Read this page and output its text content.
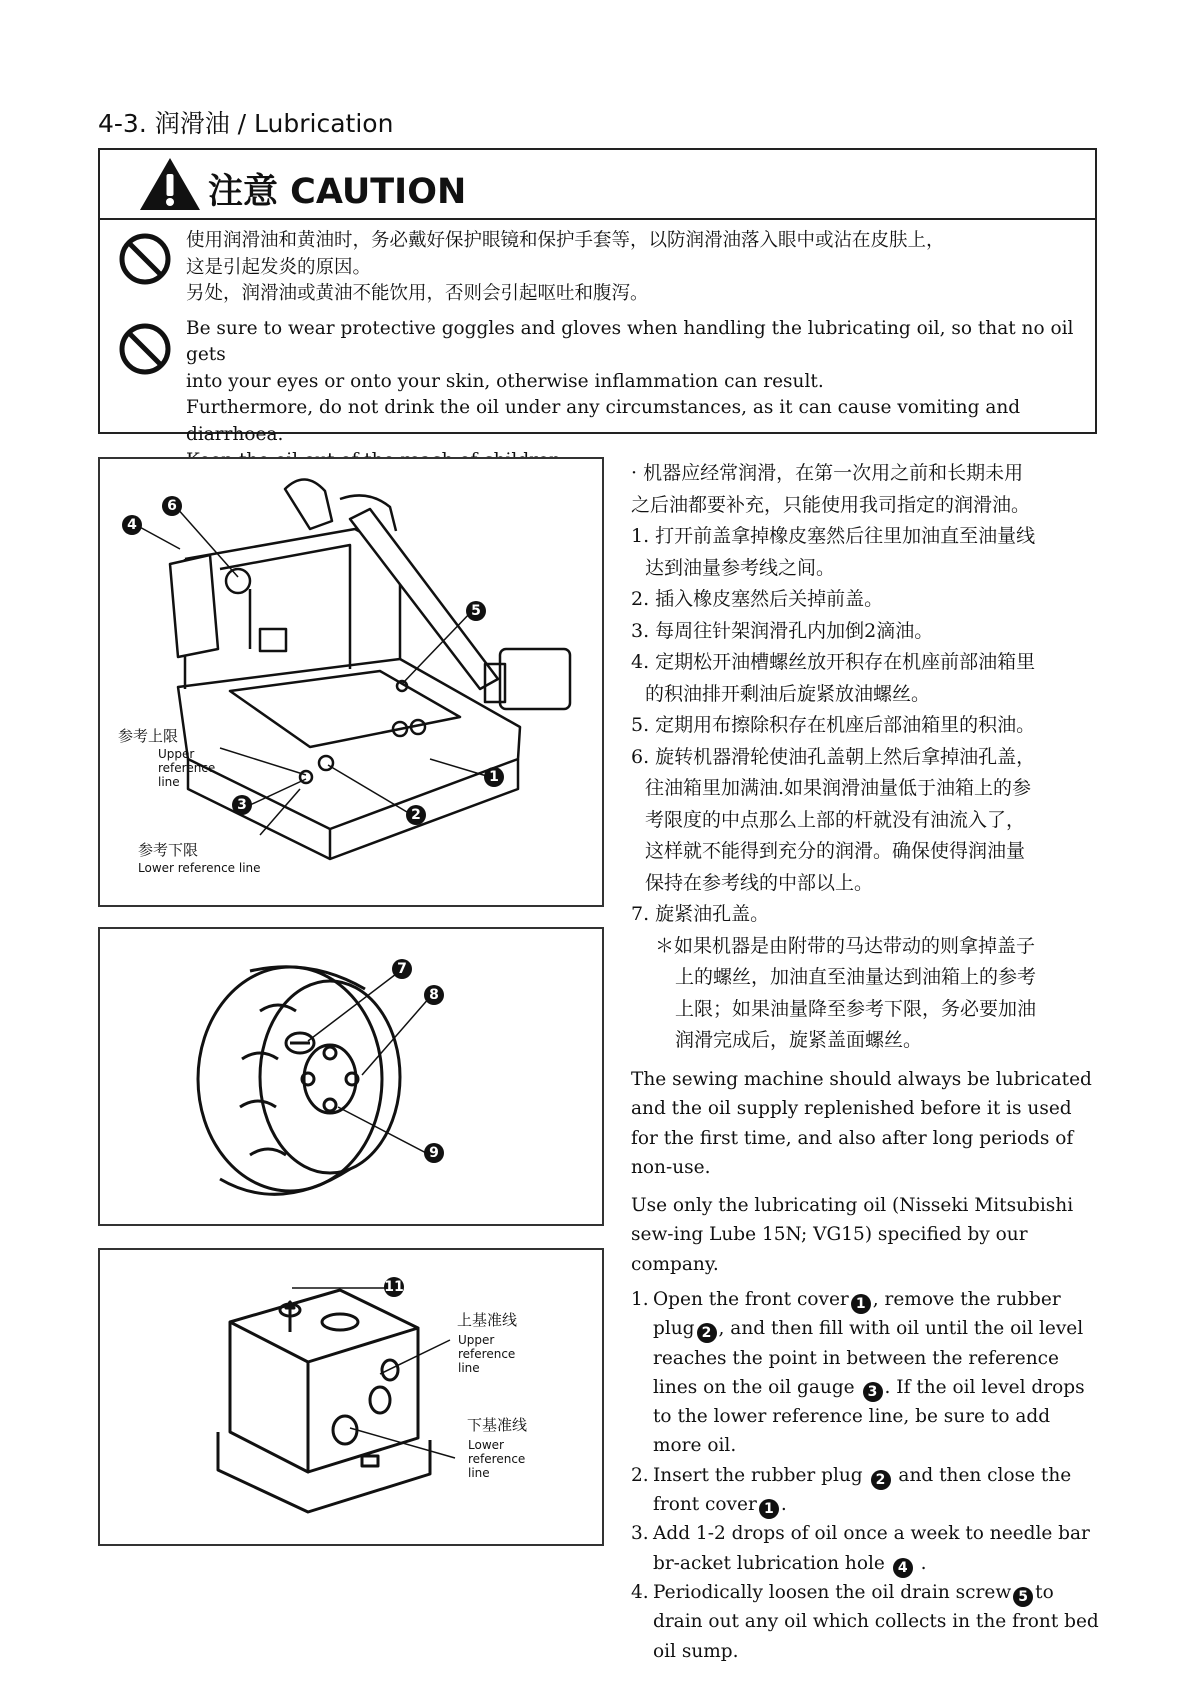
4-3. 润滑油 / Lubrication
注意 CAUTION

使用润滑油和黄油时，务必戴好保护眼镜和保护手套等，以防润滑油落入眼中或沾在皮肤上，

这是引起发炎的原因。

另处，润滑油或黄油不能饮用，否则会引起呕吐和腹泻。

Be sure to wear protective goggles and gloves when handling the lubricating oil, so that no oil gets

into your eyes or onto your skin, otherwise inflammation can result.

Furthermore, do not drink the oil under any circumstances, as it can cause vomiting and diarrhoea.

6
4
5
1
2
3
参考上限
Upper
reference
line
参考下限
Lower reference line
7
8
9
11
上基准线
Upper
reference
line
下基准线
Lower
reference
line

· 机器应经常润滑，在第一次用之前和长期未用

之后油都要补充，只能使用我司指定的润滑油。

1. 打开前盖拿掉橡皮塞然后往里加油直至油量线

达到油量参考线之间。

2. 插入橡皮塞然后关掉前盖。

3. 每周往针架润滑孔内加倒2滴油。

4. 定期松开油槽螺丝放开积存在机座前部油箱里

的积油排开剩油后旋紧放油螺丝。

5. 定期用布擦除积存在机座后部油箱里的积油。

6. 旋转机器滑轮使油孔盖朝上然后拿掉油孔盖，

往油箱里加满油.如果润滑油量低于油箱上的参

考限度的中点那么上部的杆就没有油流入了，

这样就不能得到充分的润滑。确保使得润油量

保持在参考线的中部以上。

7. 旋紧油孔盖。

＊如果机器是由附带的马达带动的则拿掉盖子

上的螺丝，加油直至油量达到油箱上的参考

上限；如果油量降至参考下限，务必要加油

润滑完成后，旋紧盖面螺丝。

The sewing machine should always be lubricated and the oil supply replenished before it is used for the first time, and also after long periods of non-use.

Use only the lubricating oil (Nisseki Mitsubishi sew-ing Lube 15N; VG15) specified by our company.

1. Open the front cover 1 , remove the rubber plug 2 , and then fill with oil until the oil level reaches the point in between the reference lines on the oil gauge 3 . If the oil level drops to the lower reference line, be sure to add more oil.
2. Insert the rubber plug 2 and then close the front cover 1 .
3. Add 1-2 drops of oil once a week to needle bar br-acket lubrication hole 4 .
4. Periodically loosen the oil drain screw 5 to drain out any oil which collects in the front bed oil sump.
